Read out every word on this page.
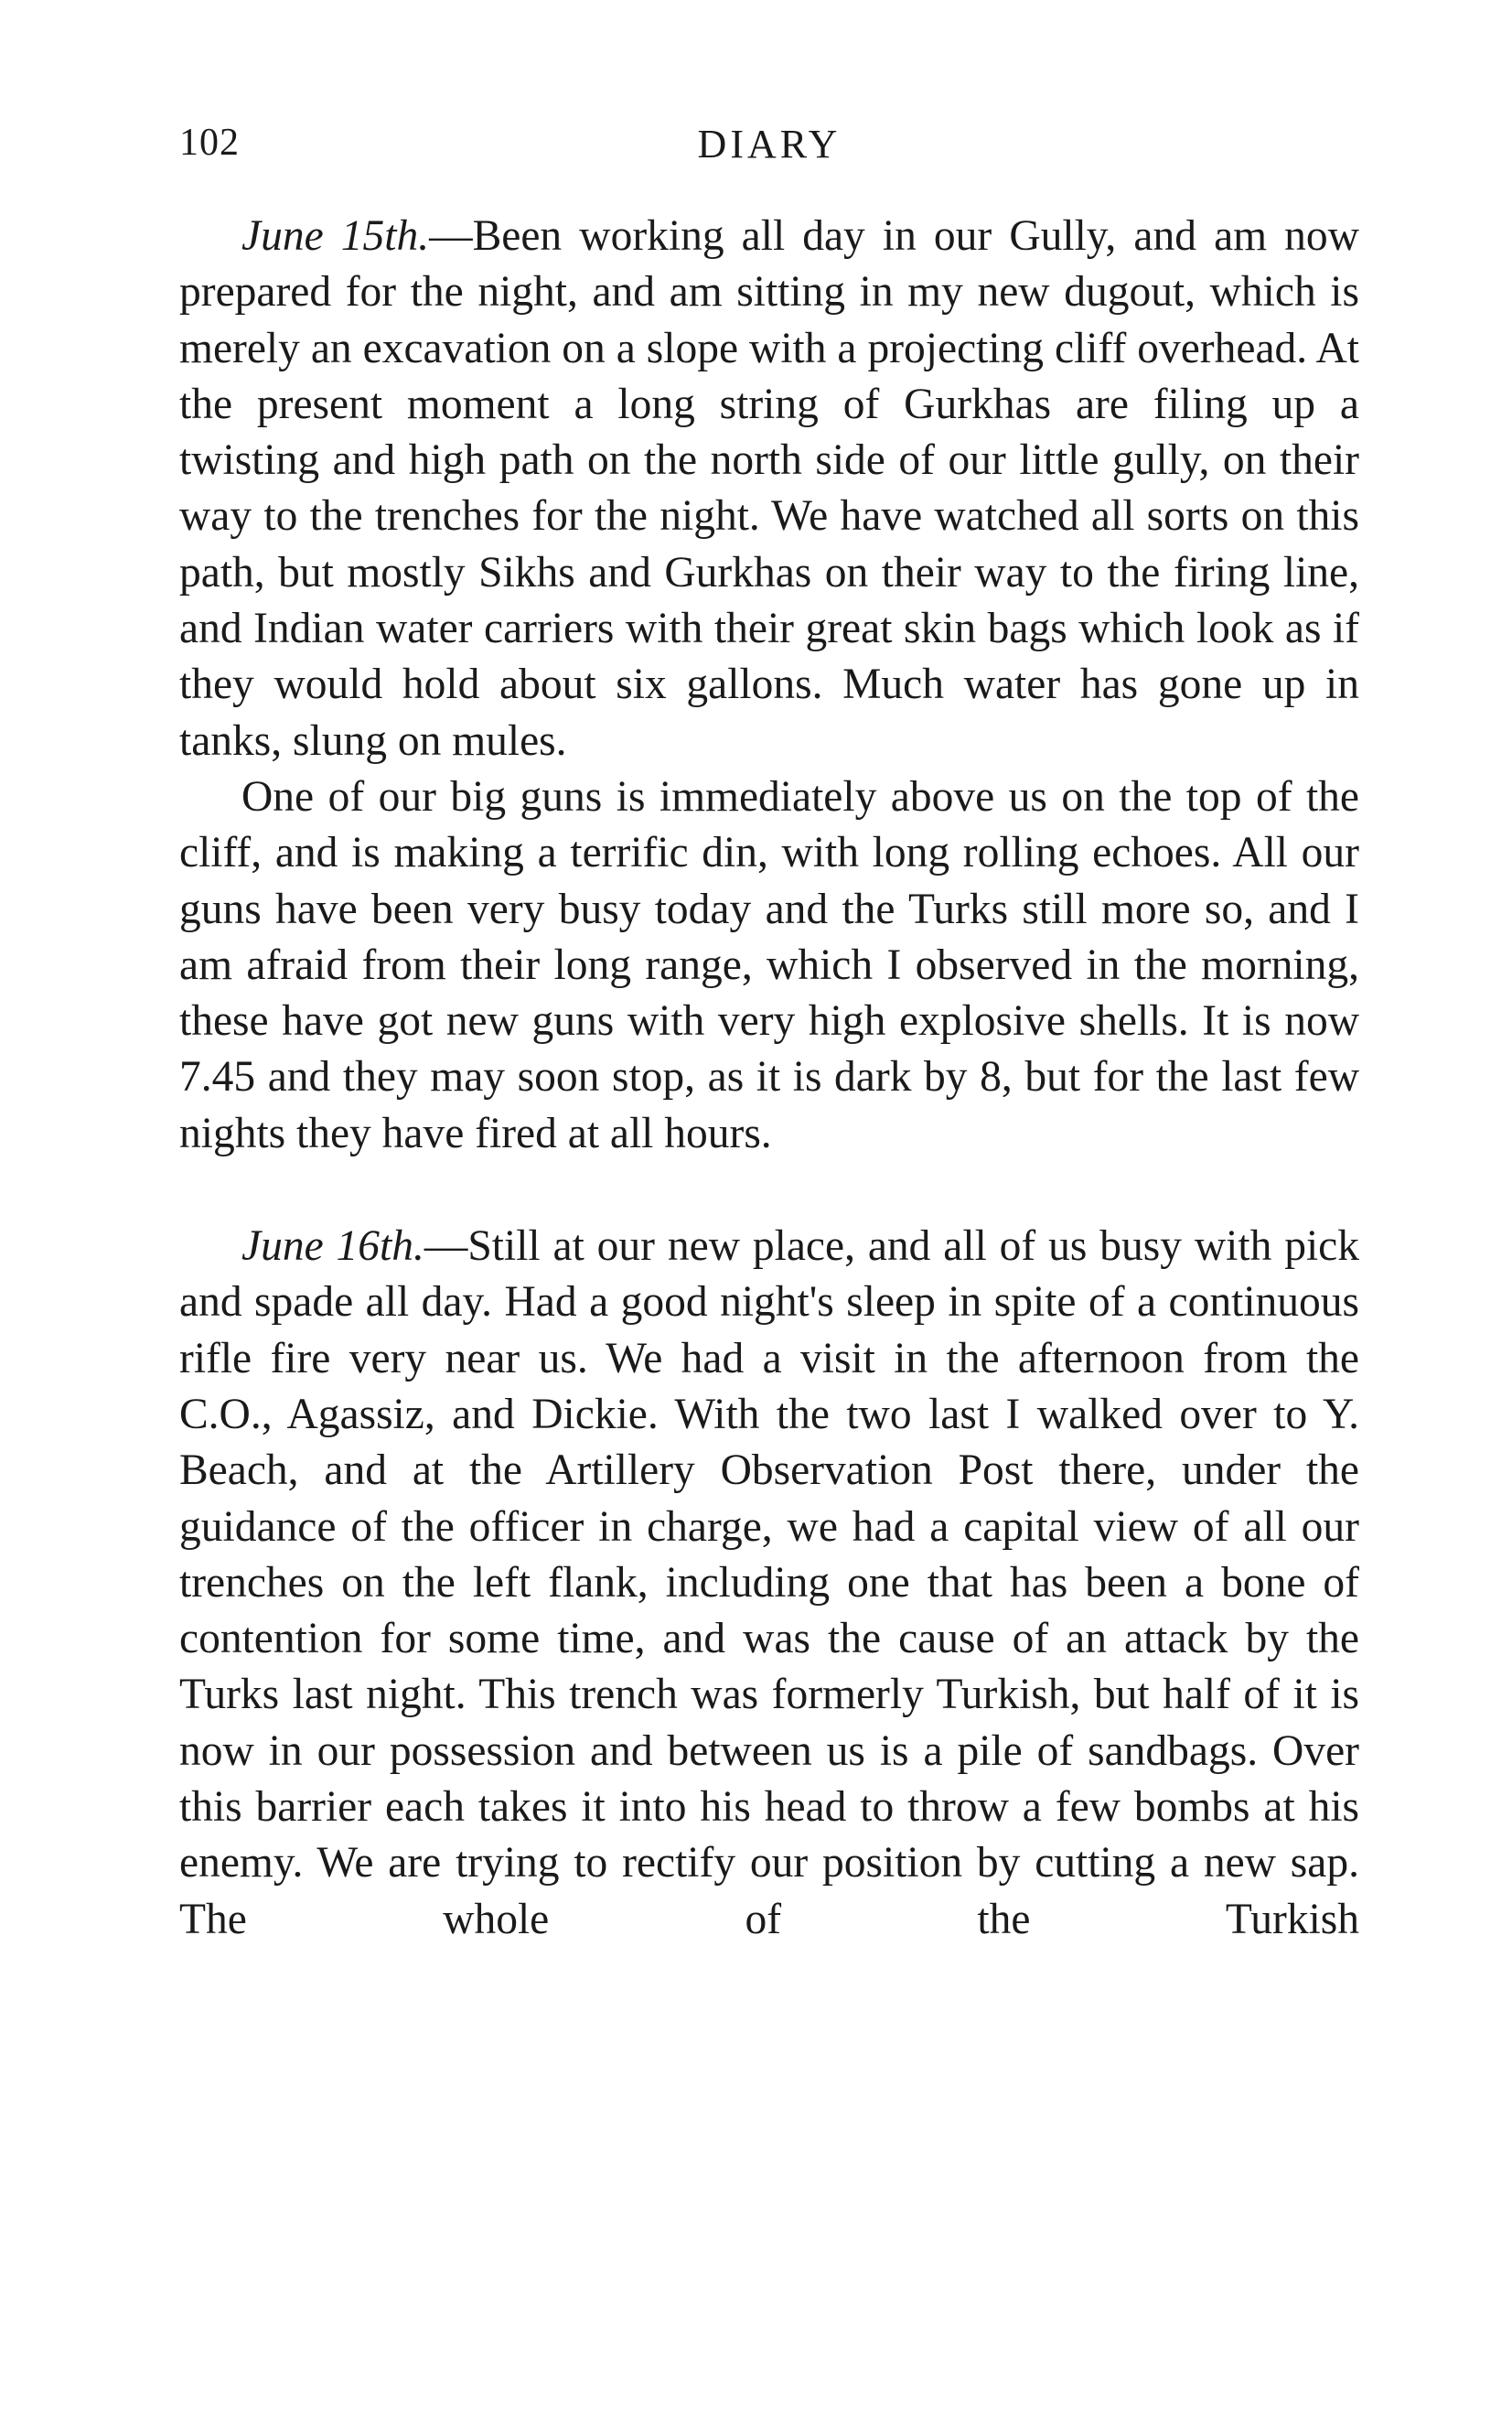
102	DIARY

June 15th.—Been working all day in our Gully, and am now prepared for the night, and am sitting in my new dugout, which is merely an excavation on a slope with a projecting cliff overhead. At the present moment a long string of Gurkhas are filing up a twisting and high path on the north side of our little gully, on their way to the trenches for the night. We have watched all sorts on this path, but mostly Sikhs and Gurkhas on their way to the firing line, and Indian water carriers with their great skin bags which look as if they would hold about six gallons. Much water has gone up in tanks, slung on mules.

One of our big guns is immediately above us on the top of the cliff, and is making a terrific din, with long rolling echoes. All our guns have been very busy today and the Turks still more so, and I am afraid from their long range, which I observed in the morning, these have got new guns with very high explosive shells. It is now 7.45 and they may soon stop, as it is dark by 8, but for the last few nights they have fired at all hours.

June 16th.—Still at our new place, and all of us busy with pick and spade all day. Had a good night's sleep in spite of a continuous rifle fire very near us. We had a visit in the afternoon from the C.O., Agassiz, and Dickie. With the two last I walked over to Y. Beach, and at the Artillery Observation Post there, under the guidance of the officer in charge, we had a capital view of all our trenches on the left flank, including one that has been a bone of contention for some time, and was the cause of an attack by the Turks last night. This trench was formerly Turkish, but half of it is now in our possession and between us is a pile of sandbags. Over this barrier each takes it into his head to throw a few bombs at his enemy. We are trying to rectify our position by cutting a new sap. The whole of the Turkish
